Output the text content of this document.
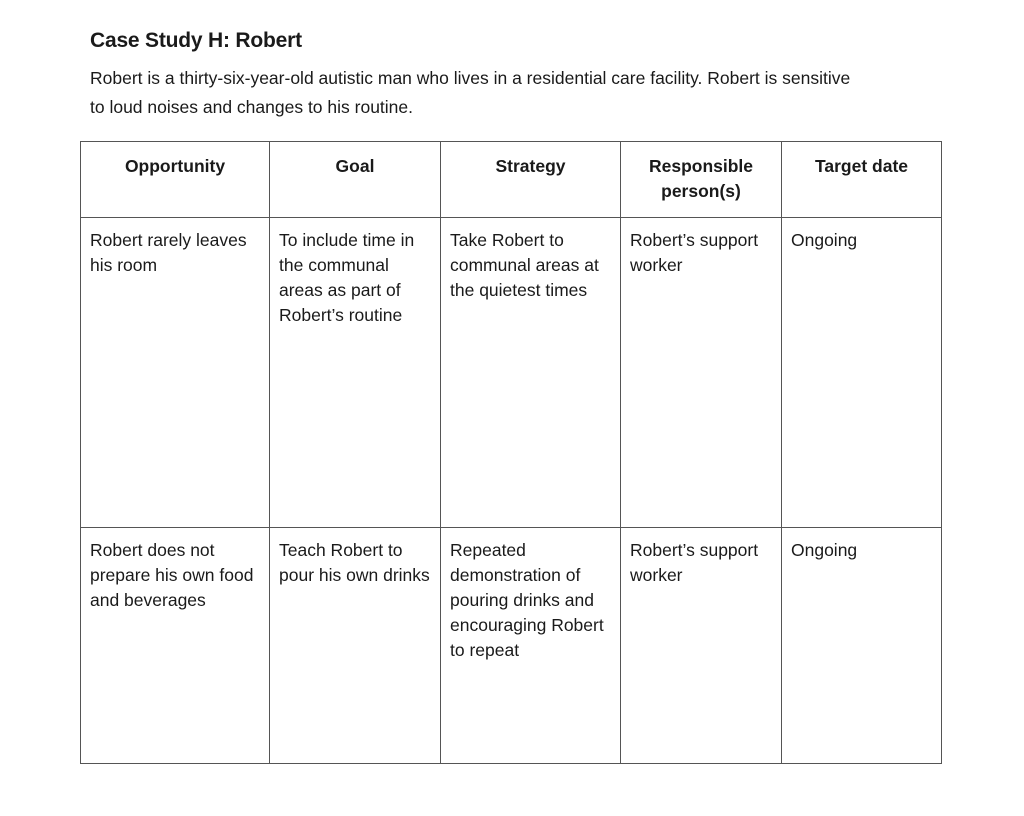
Case Study H: Robert
Robert is a thirty-six-year-old autistic man who lives in a residential care facility. Robert is sensitive
to loud noises and changes to his routine.
Opportunity	Goal	Strategy	Responsible person(s)	Target date
Robert rarely leaves his room	To include time in the communal areas as part of Robert’s routine	Take Robert to communal areas at the quietest times	Robert’s support worker	Ongoing
Robert does not prepare his own food and beverages	Teach Robert to pour his own drinks	Repeated demonstration of pouring drinks and encouraging Robert to repeat	Robert’s support worker	Ongoing
